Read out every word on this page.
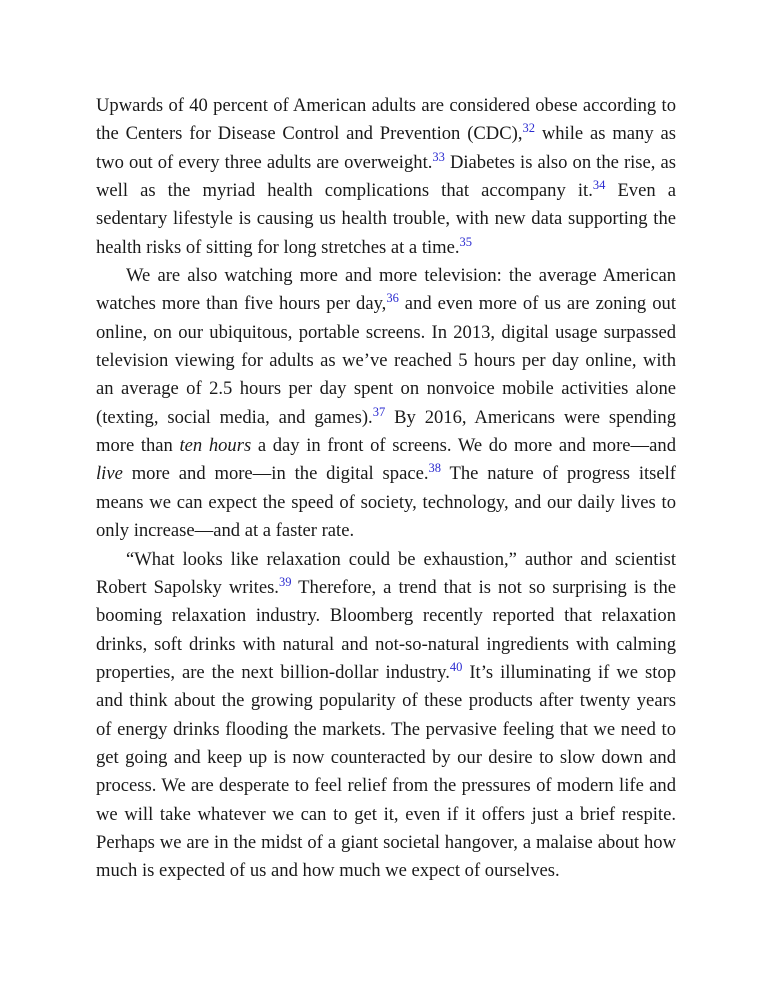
Upwards of 40 percent of American adults are considered obese according to the Centers for Disease Control and Prevention (CDC),$^{32}$ while as many as two out of every three adults are overweight.$^{33}$ Diabetes is also on the rise, as well as the myriad health complications that accompany it.$^{34}$ Even a sedentary lifestyle is causing us health trouble, with new data supporting the health risks of sitting for long stretches at a time.$^{35}$

We are also watching more and more television: the average American watches more than five hours per day,$^{36}$ and even more of us are zoning out online, on our ubiquitous, portable screens. In 2013, digital usage surpassed television viewing for adults as we’ve reached 5 hours per day online, with an average of 2.5 hours per day spent on nonvoice mobile activities alone (texting, social media, and games).$^{37}$ By 2016, Americans were spending more than ten hours a day in front of screens. We do more and more—and live more and more—in the digital space.$^{38}$ The nature of progress itself means we can expect the speed of society, technology, and our daily lives to only increase—and at a faster rate.

“What looks like relaxation could be exhaustion,” author and scientist Robert Sapolsky writes.$^{39}$ Therefore, a trend that is not so surprising is the booming relaxation industry. Bloomberg recently reported that relaxation drinks, soft drinks with natural and not-so-natural ingredients with calming properties, are the next billion-dollar industry.$^{40}$ It’s illuminating if we stop and think about the growing popularity of these products after twenty years of energy drinks flooding the markets. The pervasive feeling that we need to get going and keep up is now counteracted by our desire to slow down and process. We are desperate to feel relief from the pressures of modern life and we will take whatever we can to get it, even if it offers just a brief respite. Perhaps we are in the midst of a giant societal hangover, a malaise about how much is expected of us and how much we expect of ourselves.
